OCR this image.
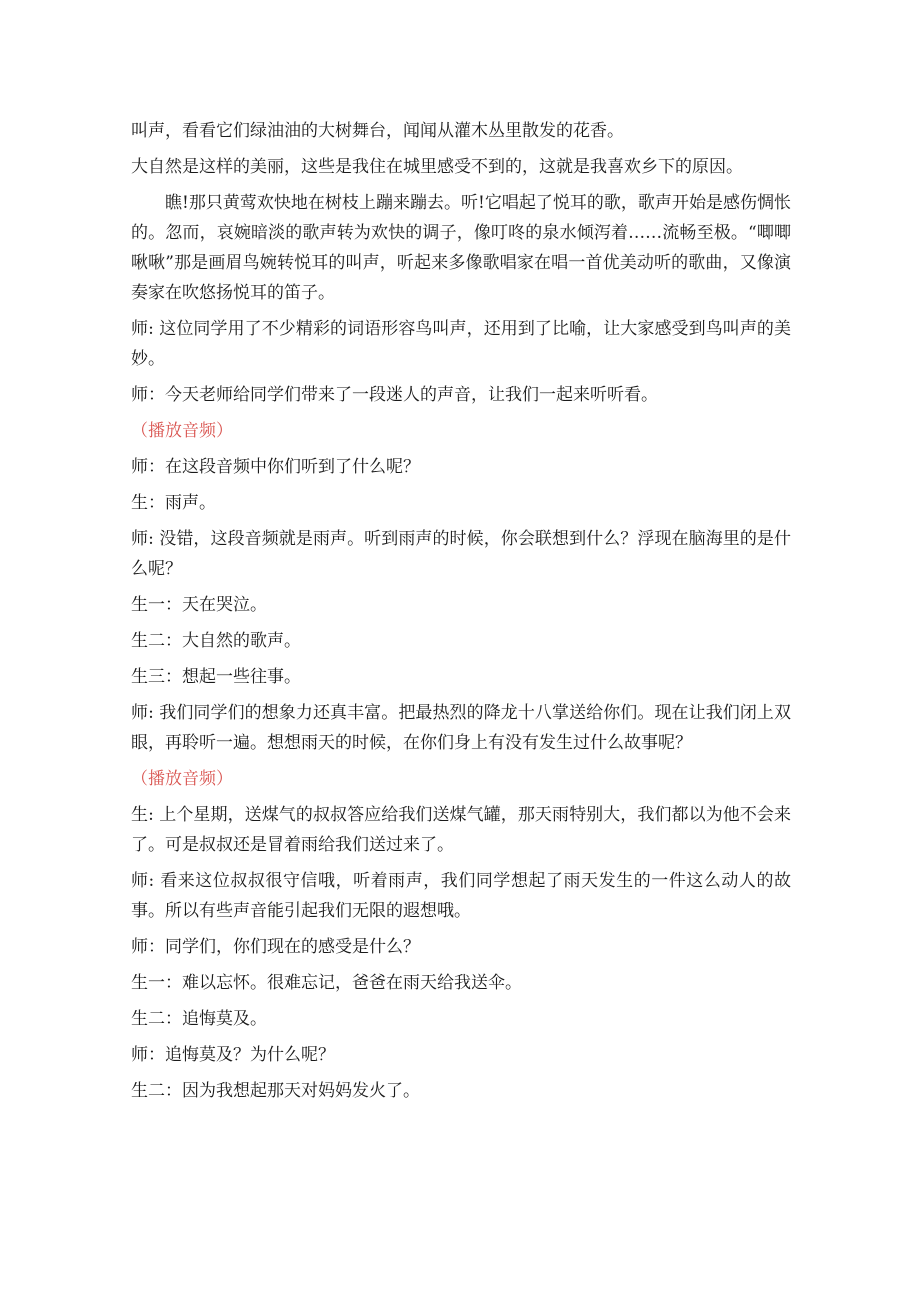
叫声，看看它们绿油油的大树舞台，闻闻从灌木丛里散发的花香。

大自然是这样的美丽，这些是我住在城里感受不到的，这就是我喜欢乡下的原因。

瞧!那只黄莺欢快地在树枝上蹦来蹦去。听!它唱起了悦耳的歌，歌声开始是感伤惆怅的。忽而，哀婉暗淡的歌声转为欢快的调子，像叮咚的泉水倾泻着……流畅至极。“唧唧啾啾”那是画眉鸟婉转悦耳的叫声，听起来多像歌唱家在唱一首优美动听的歌曲，又像演奏家在吹悠扬悦耳的笛子。

师: 这位同学用了不少精彩的词语形容鸟叫声，还用到了比喻，让大家感受到鸟叫声的美妙。

师：今天老师给同学们带来了一段迷人的声音，让我们一起来听听看。

（播放音频）

师：在这段音频中你们听到了什么呢？

生：雨声。

师: 没错，这段音频就是雨声。听到雨声的时候，你会联想到什么？浮现在脑海里的是什么呢？

生一：天在哭泣。

生二：大自然的歌声。

生三：想起一些往事。

师: 我们同学们的想象力还真丰富。把最热烈的降龙十八掌送给你们。现在让我们闭上双眼，再聆听一遍。想想雨天的时候，在你们身上有没有发生过什么故事呢？

（播放音频）

生: 上个星期，送煤气的叔叔答应给我们送煤气罐，那天雨特别大，我们都以为他不会来了。可是叔叔还是冒着雨给我们送过来了。

师: 看来这位叔叔很守信哦，听着雨声，我们同学想起了雨天发生的一件这么动人的故事。所以有些声音能引起我们无限的遐想哦。

师：同学们，你们现在的感受是什么？

生一：难以忘怀。很难忘记，爸爸在雨天给我送伞。

生二：追悔莫及。

师：追悔莫及？为什么呢？

生二：因为我想起那天对妈妈发火了。
